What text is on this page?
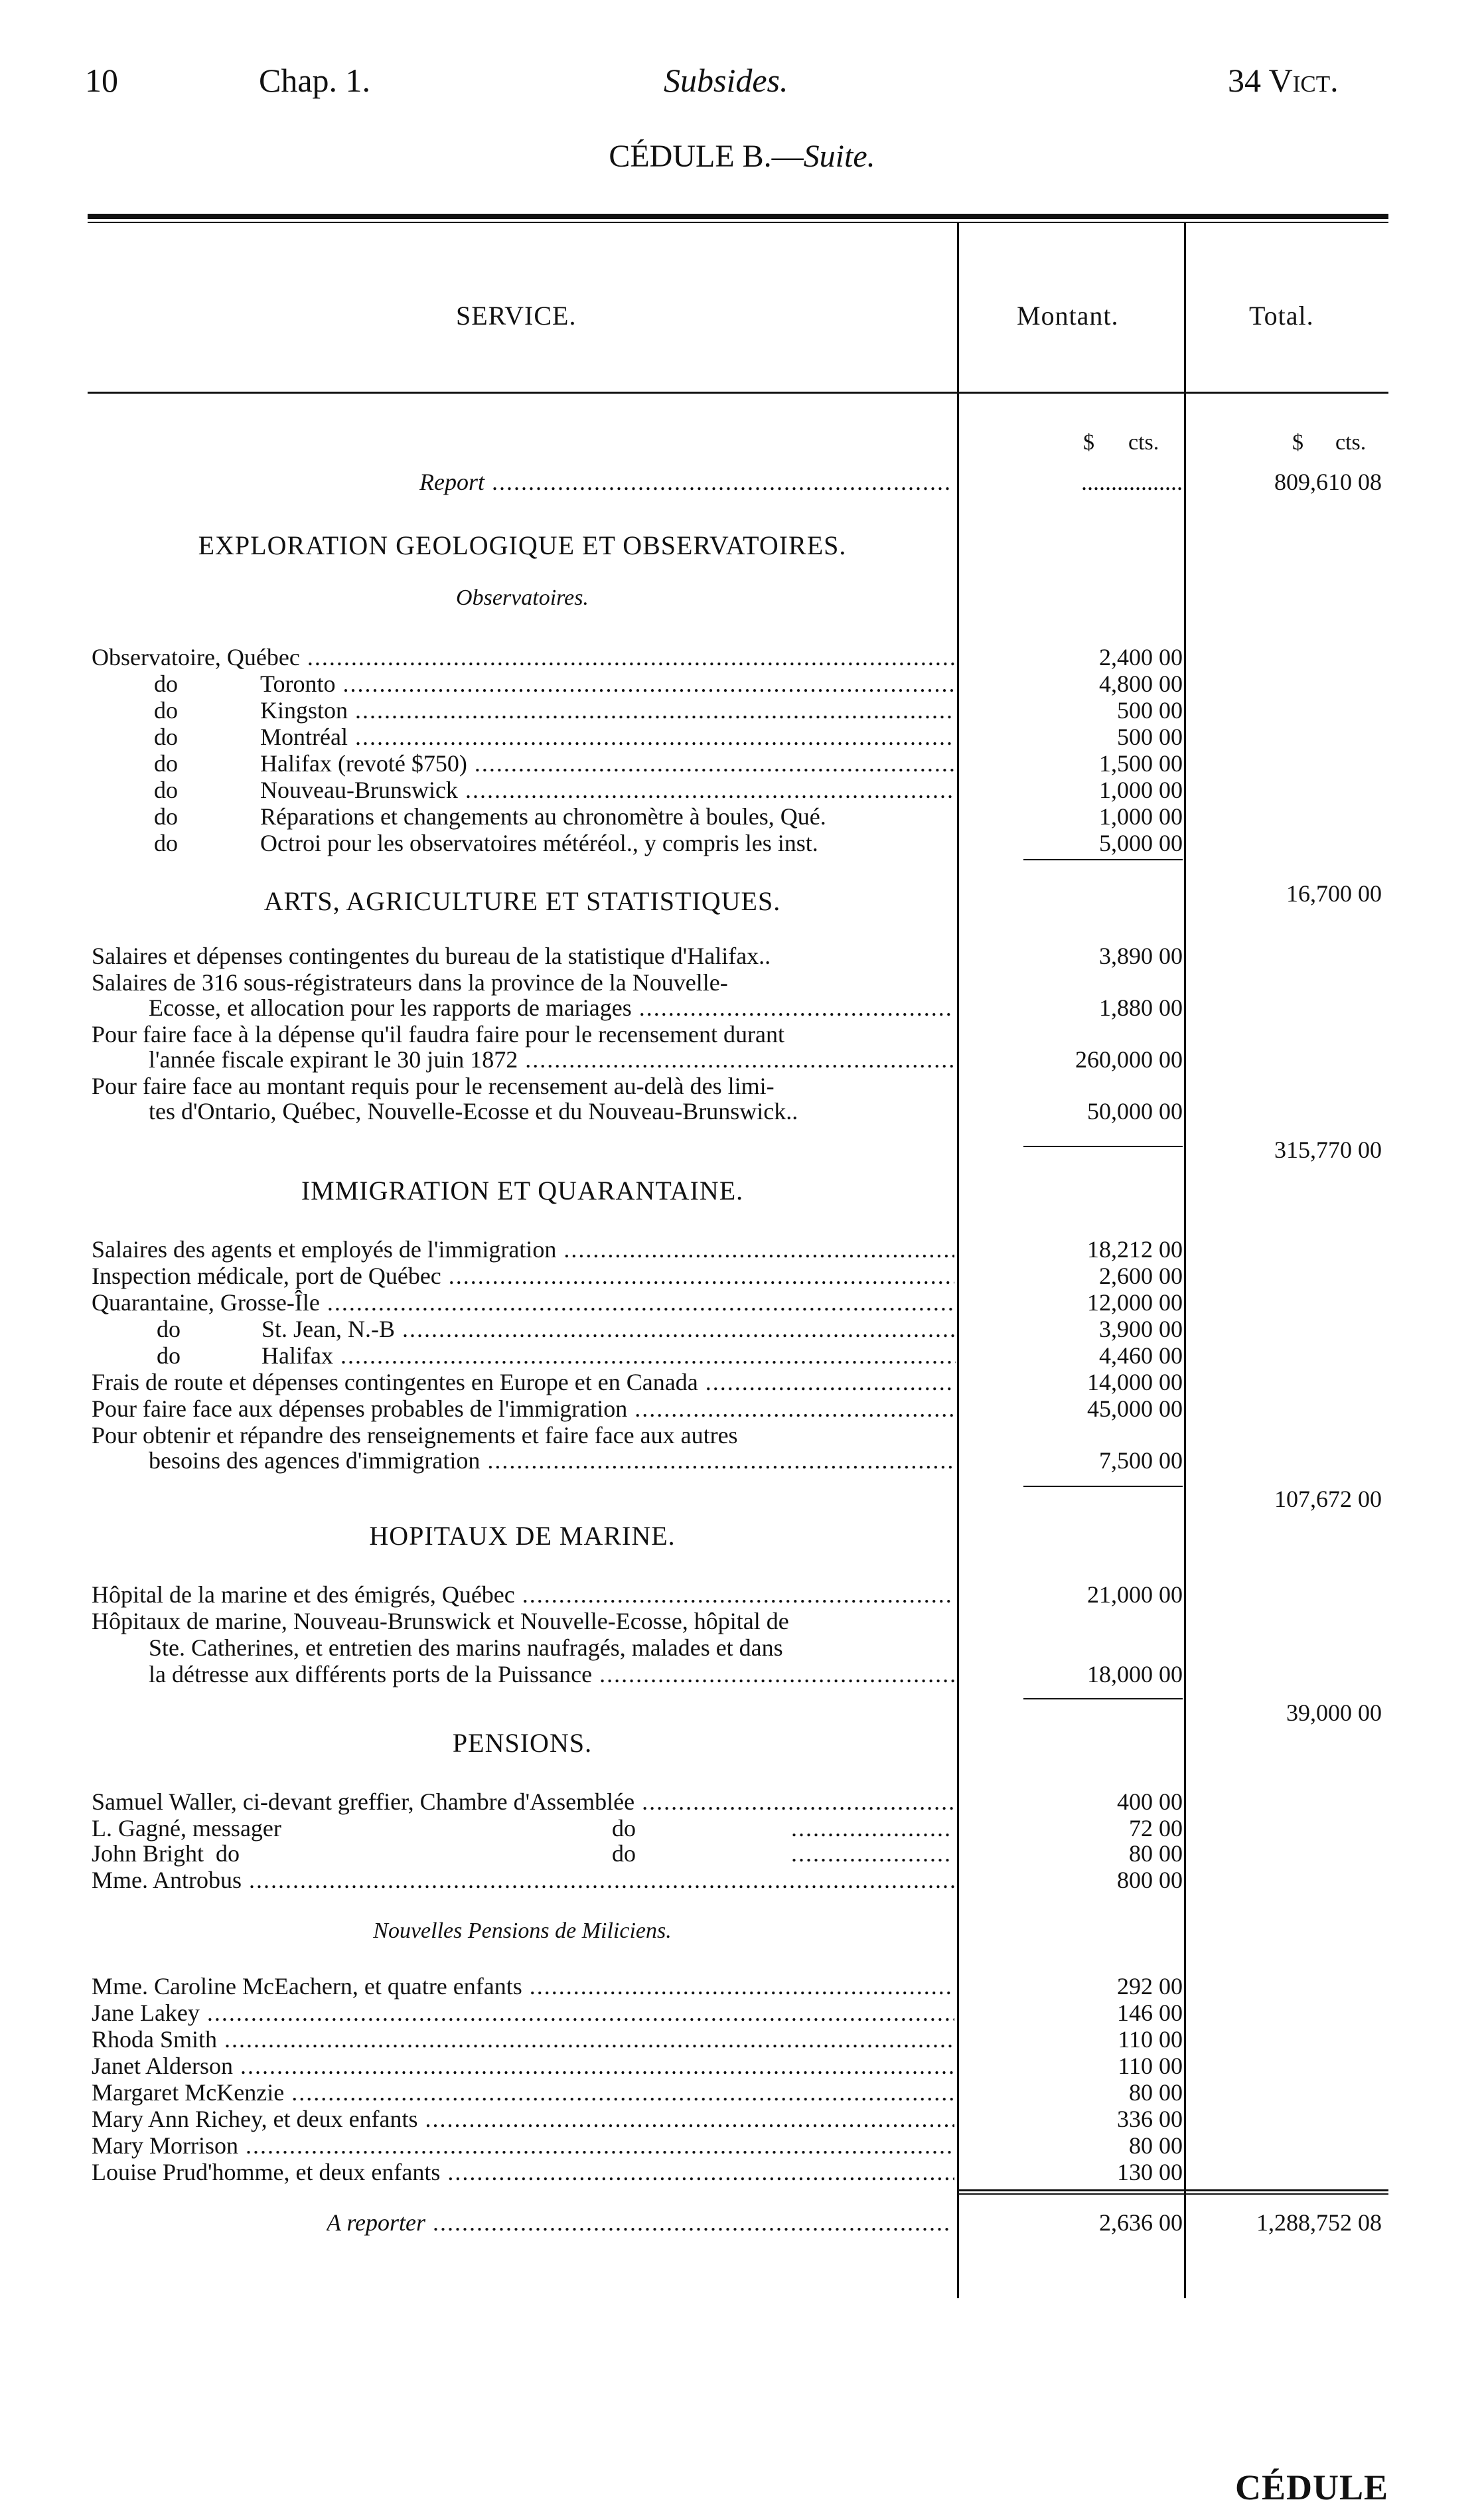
10	Chap. 1.	Subsides.	34 Vict.
CÉDULE B.—Suite.
SERVICE.	Montant.	Total.
$ cts.	$ cts.
Report .....	.................	809,610 08
EXPLORATION GEOLOGIQUE ET OBSERVATOIRES.
Observatoires.
Observatoire, Québec .....	2,400 00
do	Toronto .....	4,800 00
do	Kingston .....	500 00
do	Montréal .....	500 00
do	Halifax (revoté $750) .....	1,500 00
do	Nouveau-Brunswick .....	1,000 00
do	Réparations et changements au chronomètre à boules, Qué.	1,000 00
do	Octroi pour les observatoires météréol., y compris les inst.	5,000 00
16,700 00
ARTS, AGRICULTURE ET STATISTIQUES.
Salaires et dépenses contingentes du bureau de la statistique d'Halifax..	3,890 00
Salaires de 316 sous-régistrateurs dans la province de la Nouvelle-
Ecosse, et allocation pour les rapports de mariages .....	1,880 00
Pour faire face à la dépense qu'il faudra faire pour le recensement durant
l'année fiscale expirant le 30 juin 1872 .....	260,000 00
Pour faire face au montant requis pour le recensement au-delà des limi-
tes d'Ontario, Québec, Nouvelle-Ecosse et du Nouveau-Brunswick..	50,000 00
315,770 00
IMMIGRATION ET QUARANTAINE.
Salaires des agents et employés de l'immigration .....	18,212 00
Inspection médicale, port de Québec .....	2,600 00
Quarantaine, Grosse-Île .....	12,000 00
do	St. Jean, N.-B .....	3,900 00
do	Halifax .....	4,460 00
Frais de route et dépenses contingentes en Europe et en Canada .....	14,000 00
Pour faire face aux dépenses probables de l'immigration .....	45,000 00
Pour obtenir et répandre des renseignements et faire face aux autres
besoins des agences d'immigration .....	7,500 00
107,672 00
HOPITAUX DE MARINE.
Hôpital de la marine et des émigrés, Québec .....	21,000 00
Hôpitaux de marine, Nouveau-Brunswick et Nouvelle-Ecosse, hôpital de
Ste. Catherines, et entretien des marins naufragés, malades et dans
la détresse aux différents ports de la Puissance .....	18,000 00
39,000 00
PENSIONS.
Samuel Waller, ci-devant greffier, Chambre d'Assemblée .....	400 00
L. Gagné, messager	do .....	72 00
John Bright  do	do .....	80 00
Mme. Antrobus .....	800 00
Nouvelles Pensions de Miliciens.
Mme. Caroline McEachern, et quatre enfants .....	292 00
Jane Lakey .....	146 00
Rhoda Smith .....	110 00
Janet Alderson .....	110 00
Margaret McKenzie .....	80 00
Mary Ann Richey, et deux enfants .....	336 00
Mary Morrison .....	80 00
Louise Prud'homme, et deux enfants .....	130 00
A reporter .....	2,636 00	1,288,752 08
CÉDULE
